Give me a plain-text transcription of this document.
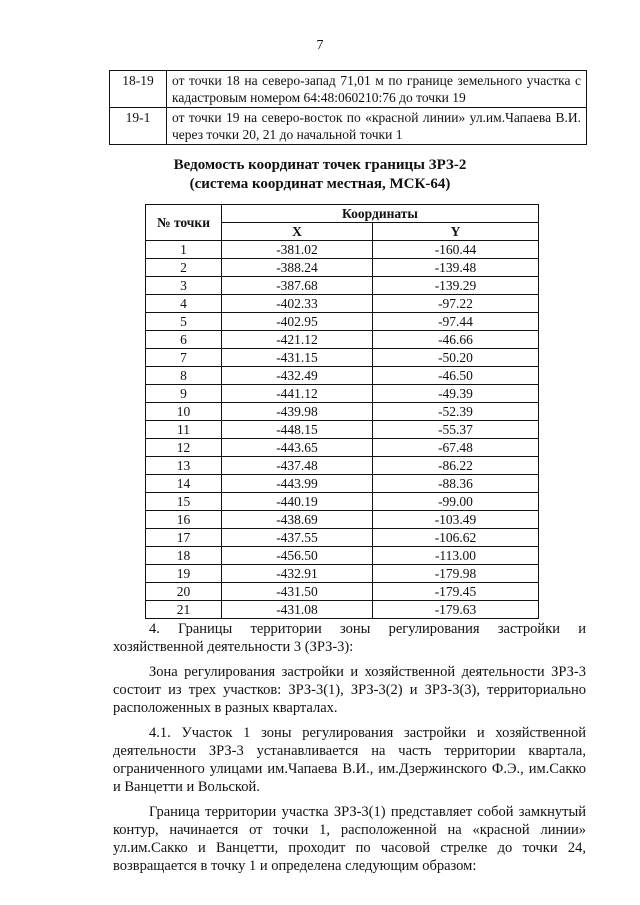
7
18-19	от точки 18 на северо-запад 71,01 м по границе земельного участка с кадастровым номером 64:48:060210:76 до точки 19
19-1	от точки 19 на северо-восток по «красной линии» ул.им.Чапаева В.И. через точки 20, 21 до начальной точки 1
Ведомость координат точек границы ЗРЗ-2
(система координат местная, МСК-64)
№ точки	Координаты	
	X	Y
1	-381.02	-160.44
2	-388.24	-139.48
3	-387.68	-139.29
4	-402.33	-97.22
5	-402.95	-97.44
6	-421.12	-46.66
7	-431.15	-50.20
8	-432.49	-46.50
9	-441.12	-49.39
10	-439.98	-52.39
11	-448.15	-55.37
12	-443.65	-67.48
13	-437.48	-86.22
14	-443.99	-88.36
15	-440.19	-99.00
16	-438.69	-103.49
17	-437.55	-106.62
18	-456.50	-113.00
19	-432.91	-179.98
20	-431.50	-179.45
21	-431.08	-179.63

4. Границы территории зоны регулирования застройки и хозяйственной деятельности 3 (ЗРЗ-3):

Зона регулирования застройки и хозяйственной деятельности ЗРЗ-3 состоит из трех участков: ЗРЗ-3(1), ЗРЗ-3(2) и ЗРЗ-3(3), территориально расположенных в разных кварталах.

4.1. Участок 1 зоны регулирования застройки и хозяйственной деятельности ЗРЗ-3 устанавливается на часть территории квартала, ограниченного улицами им.Чапаева В.И., им.Дзержинского Ф.Э., им.Сакко и Ванцетти и Вольской.

Граница территории участка ЗРЗ-3(1) представляет собой замкнутый контур, начинается от точки 1, расположенной на «красной линии» ул.им.Сакко и Ванцетти, проходит по часовой стрелке до точки 24, возвращается в точку 1 и определена следующим образом:
